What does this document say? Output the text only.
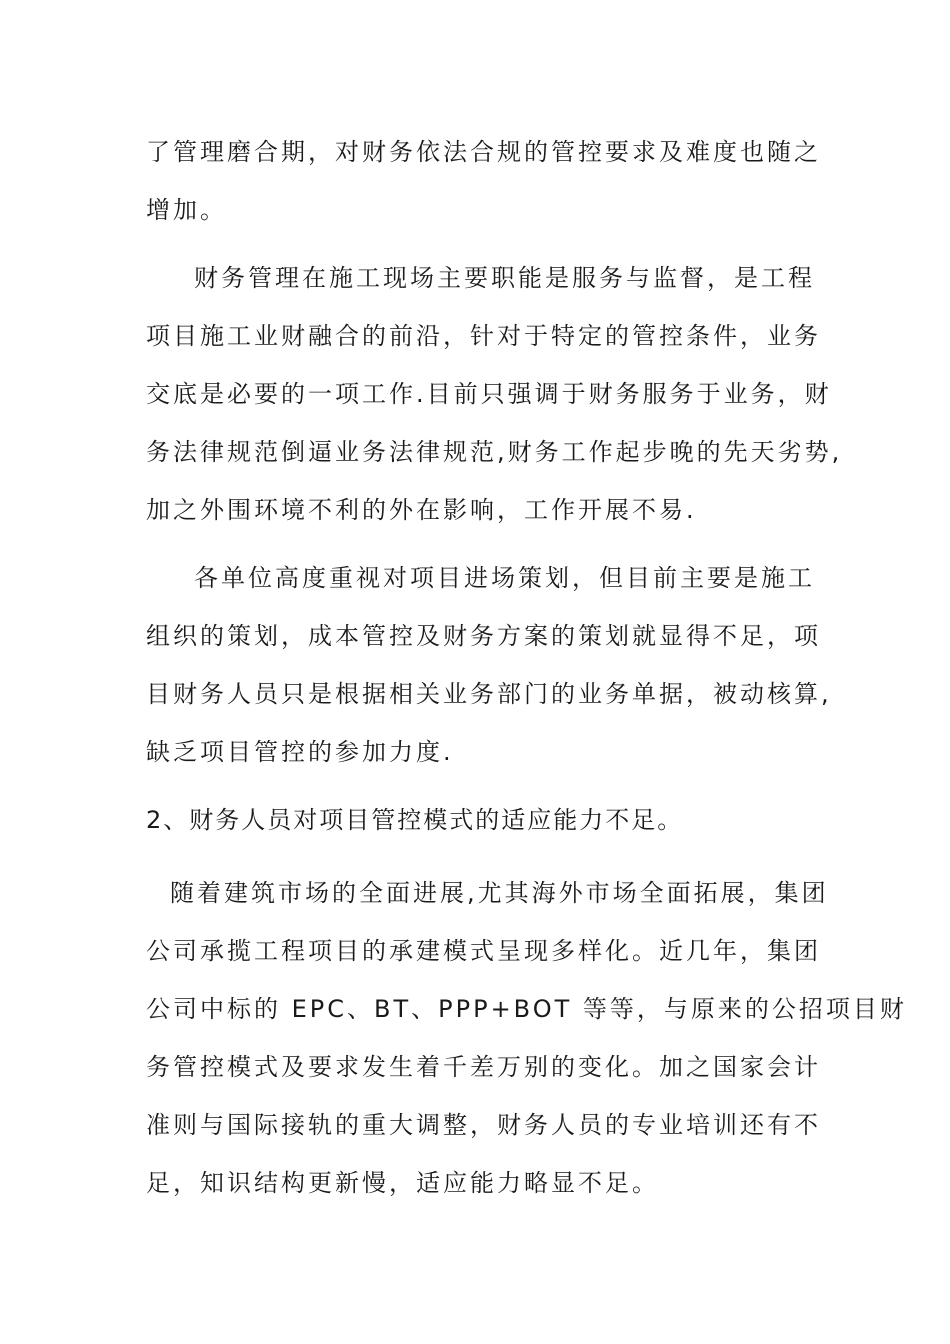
了管理磨合期，对财务依法合规的管控要求及难度也随之
增加。
财务管理在施工现场主要职能是服务与监督，是工程
项目施工业财融合的前沿，针对于特定的管控条件，业务
交底是必要的一项工作.目前只强调于财务服务于业务，财
务法律规范倒逼业务法律规范,财务工作起步晚的先天劣势,
加之外围环境不利的外在影响，工作开展不易.
各单位高度重视对项目进场策划，但目前主要是施工
组织的策划，成本管控及财务方案的策划就显得不足，项
目财务人员只是根据相关业务部门的业务单据，被动核算,
缺乏项目管控的参加力度.
2、财务人员对项目管控模式的适应能力不足。
随着建筑市场的全面进展,尤其海外市场全面拓展，集团
公司承揽工程项目的承建模式呈现多样化。近几年，集团
公司中标的 EPC、BT、PPP+BOT 等等，与原来的公招项目财
务管控模式及要求发生着千差万别的变化。加之国家会计
准则与国际接轨的重大调整，财务人员的专业培训还有不
足，知识结构更新慢，适应能力略显不足。
